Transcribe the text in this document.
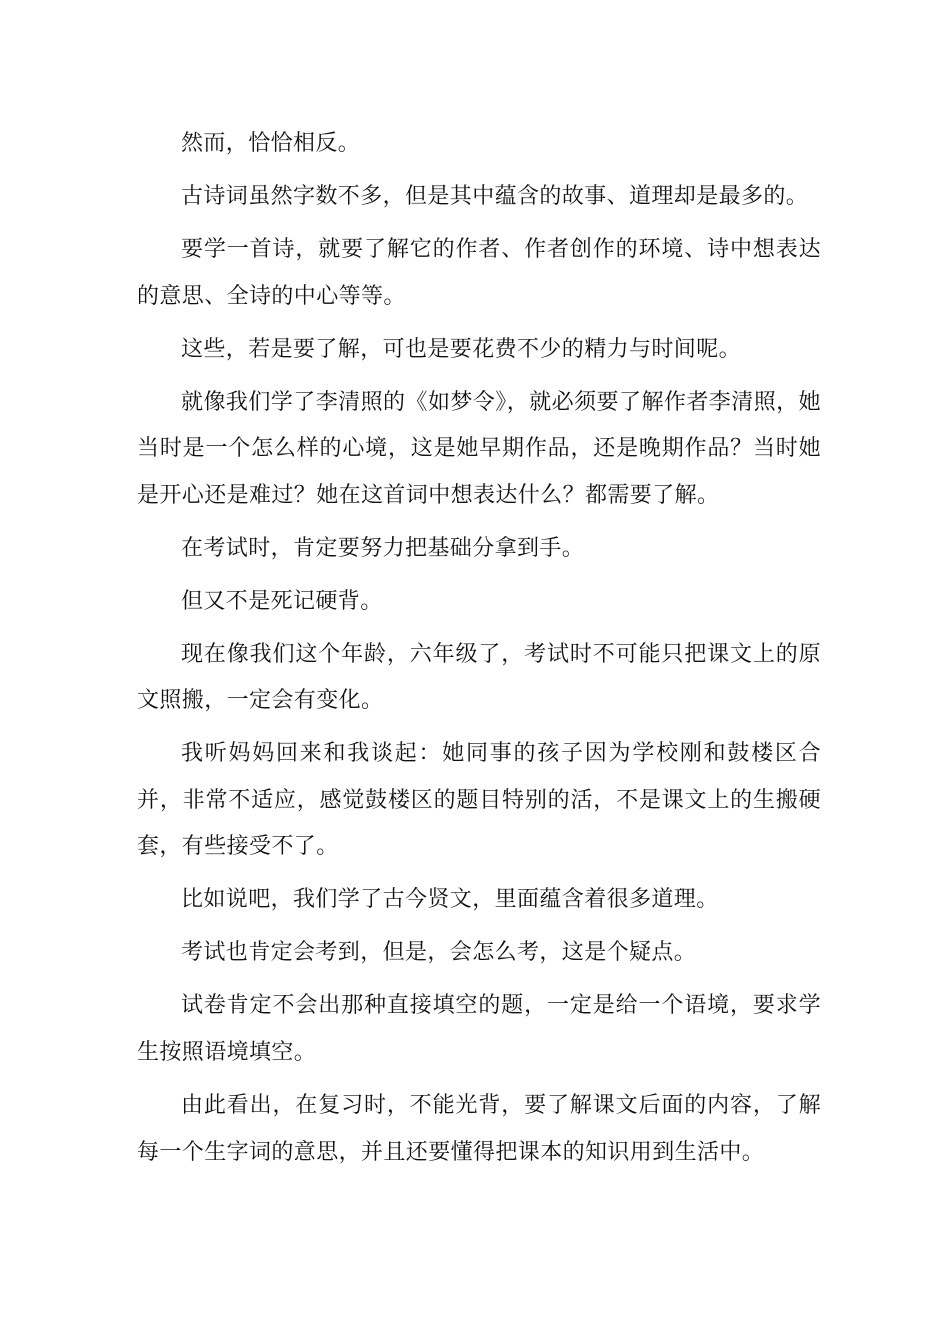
然而，恰恰相反。

古诗词虽然字数不多，但是其中蕴含的故事、道理却是最多的。

要学一首诗，就要了解它的作者、作者创作的环境、诗中想表达的意思、全诗的中心等等。

这些，若是要了解，可也是要花费不少的精力与时间呢。

就像我们学了李清照的《如梦令》，就必须要了解作者李清照，她当时是一个怎么样的心境，这是她早期作品，还是晚期作品？当时她是开心还是难过？她在这首词中想表达什么？都需要了解。

在考试时，肯定要努力把基础分拿到手。

但又不是死记硬背。

现在像我们这个年龄，六年级了，考试时不可能只把课文上的原文照搬，一定会有变化。

我听妈妈回来和我谈起：她同事的孩子因为学校刚和鼓楼区合并，非常不适应，感觉鼓楼区的题目特别的活，不是课文上的生搬硬套，有些接受不了。

比如说吧，我们学了古今贤文，里面蕴含着很多道理。

考试也肯定会考到，但是，会怎么考，这是个疑点。

试卷肯定不会出那种直接填空的题，一定是给一个语境，要求学生按照语境填空。

由此看出，在复习时，不能光背，要了解课文后面的内容，了解每一个生字词的意思，并且还要懂得把课本的知识用到生活中。
